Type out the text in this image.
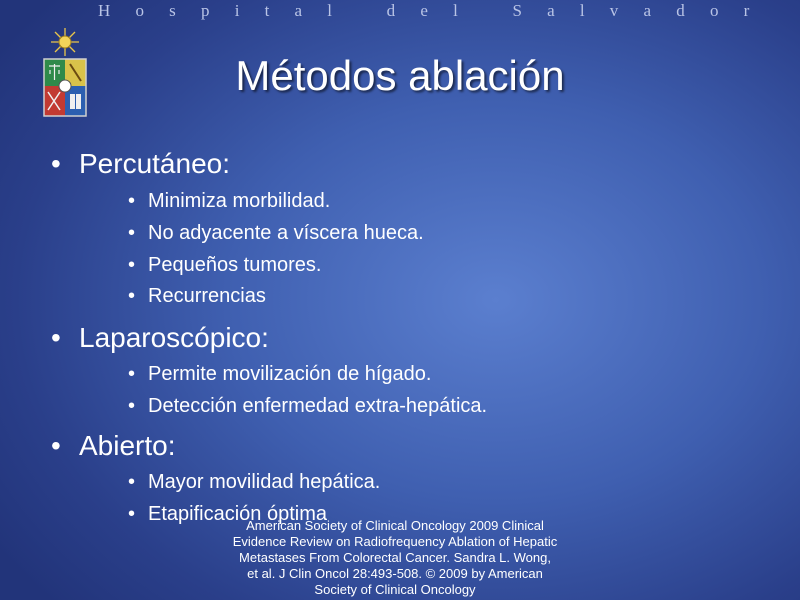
Hospital del Salvador
Métodos ablación
• Percutáneo:
• Minimiza morbilidad.
• No adyacente a víscera hueca.
• Pequeños tumores.
• Recurrencias
• Laparoscópico:
• Permite movilización de hígado.
• Detección enfermedad extra-hepática.
• Abierto:
• Mayor movilidad hepática.
• Etapificación óptima
American Society of Clinical Oncology 2009 Clinical Evidence Review on Radiofrequency Ablation of Hepatic Metastases From Colorectal Cancer. Sandra L. Wong, et al. J Clin Oncol 28:493-508. © 2009 by American Society of Clinical Oncology
